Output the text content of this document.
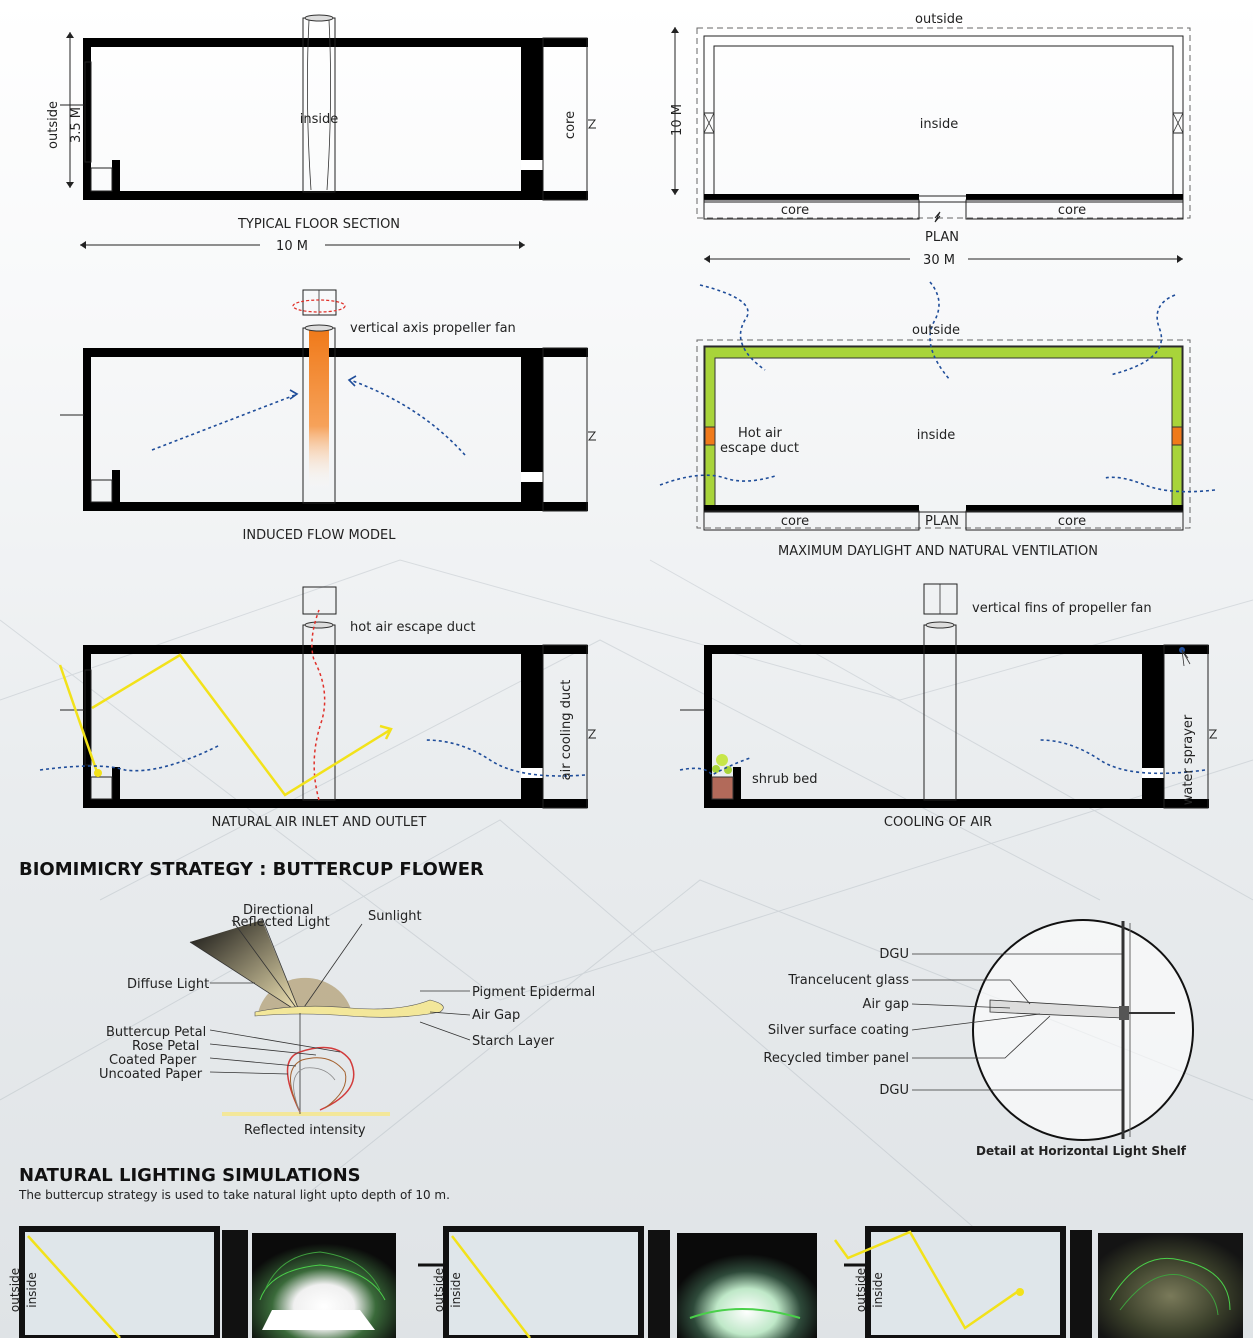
3.5 M
outside	inside	core
TYPICAL FLOOR SECTION
10 M
outside
inside
core	core
PLAN
10 M
30 M
vertical axis propeller fan
INDUCED FLOW MODEL
outside
inside
Hot air
escape duct
core	core
PLAN
MAXIMUM DAYLIGHT AND NATURAL VENTILATION
hot air escape duct
air cooling duct
NATURAL AIR INLET AND OUTLET
vertical fins of propeller fan
shrub bed	water sprayer
COOLING OF AIR
BIOMIMICRY STRATEGY : BUTTERCUP FLOWER
Directional
Reflected Light	Sunlight
Diffuse Light
Pigment Epidermal
Air Gap
Starch Layer
Buttercup Petal
Rose Petal
Coated Paper
Uncoated Paper
Reflected intensity
DGU
Trancelucent glass
Air gap
Silver surface coating
Recycled timber panel
DGU
Detail at Horizontal Light Shelf
NATURAL LIGHTING SIMULATIONS
The buttercup strategy is used to take natural light upto depth of 10 m.
outside inside	outside inside	outside inside
